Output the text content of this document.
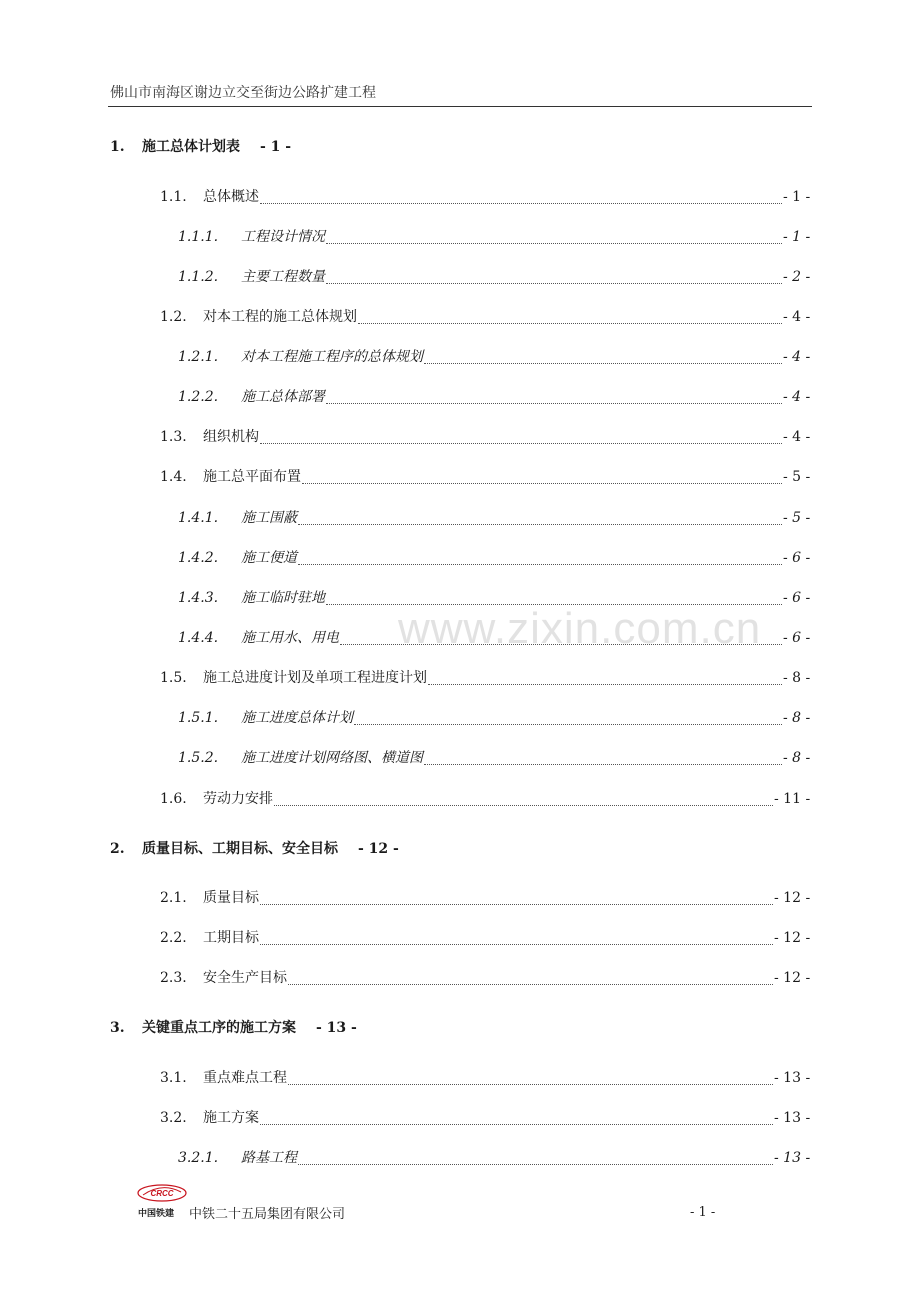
佛山市南海区谢边立交至街边公路扩建工程
1. 施工总体计划表 - 1 -
1.1. 总体概述	- 1 -
1.1.1. 工程设计情况	- 1 -
1.1.2. 主要工程数量	- 2 -
1.2. 对本工程的施工总体规划	- 4 -
1.2.1. 对本工程施工程序的总体规划	- 4 -
1.2.2. 施工总体部署	- 4 -
1.3. 组织机构	- 4 -
1.4. 施工总平面布置	- 5 -
1.4.1. 施工围蔽	- 5 -
1.4.2. 施工便道	- 6 -
1.4.3. 施工临时驻地	- 6 -
1.4.4. 施工用水、用电	- 6 -
1.5. 施工总进度计划及单项工程进度计划	- 8 -
1.5.1. 施工进度总体计划	- 8 -
1.5.2. 施工进度计划网络图、横道图	- 8 -
1.6. 劳动力安排	- 11 -
2. 质量目标、工期目标、安全目标 - 12 -
2.1. 质量目标	- 12 -
2.2. 工期目标	- 12 -
2.3. 安全生产目标	- 12 -
3. 关键重点工序的施工方案 - 13 -
3.1. 重点难点工程	- 13 -
3.2. 施工方案	- 13 -
3.2.1. 路基工程	- 13 -
www.zixin.com.cn
CRCC
中国铁建 中铁二十五局集团有限公司	- 1 -
